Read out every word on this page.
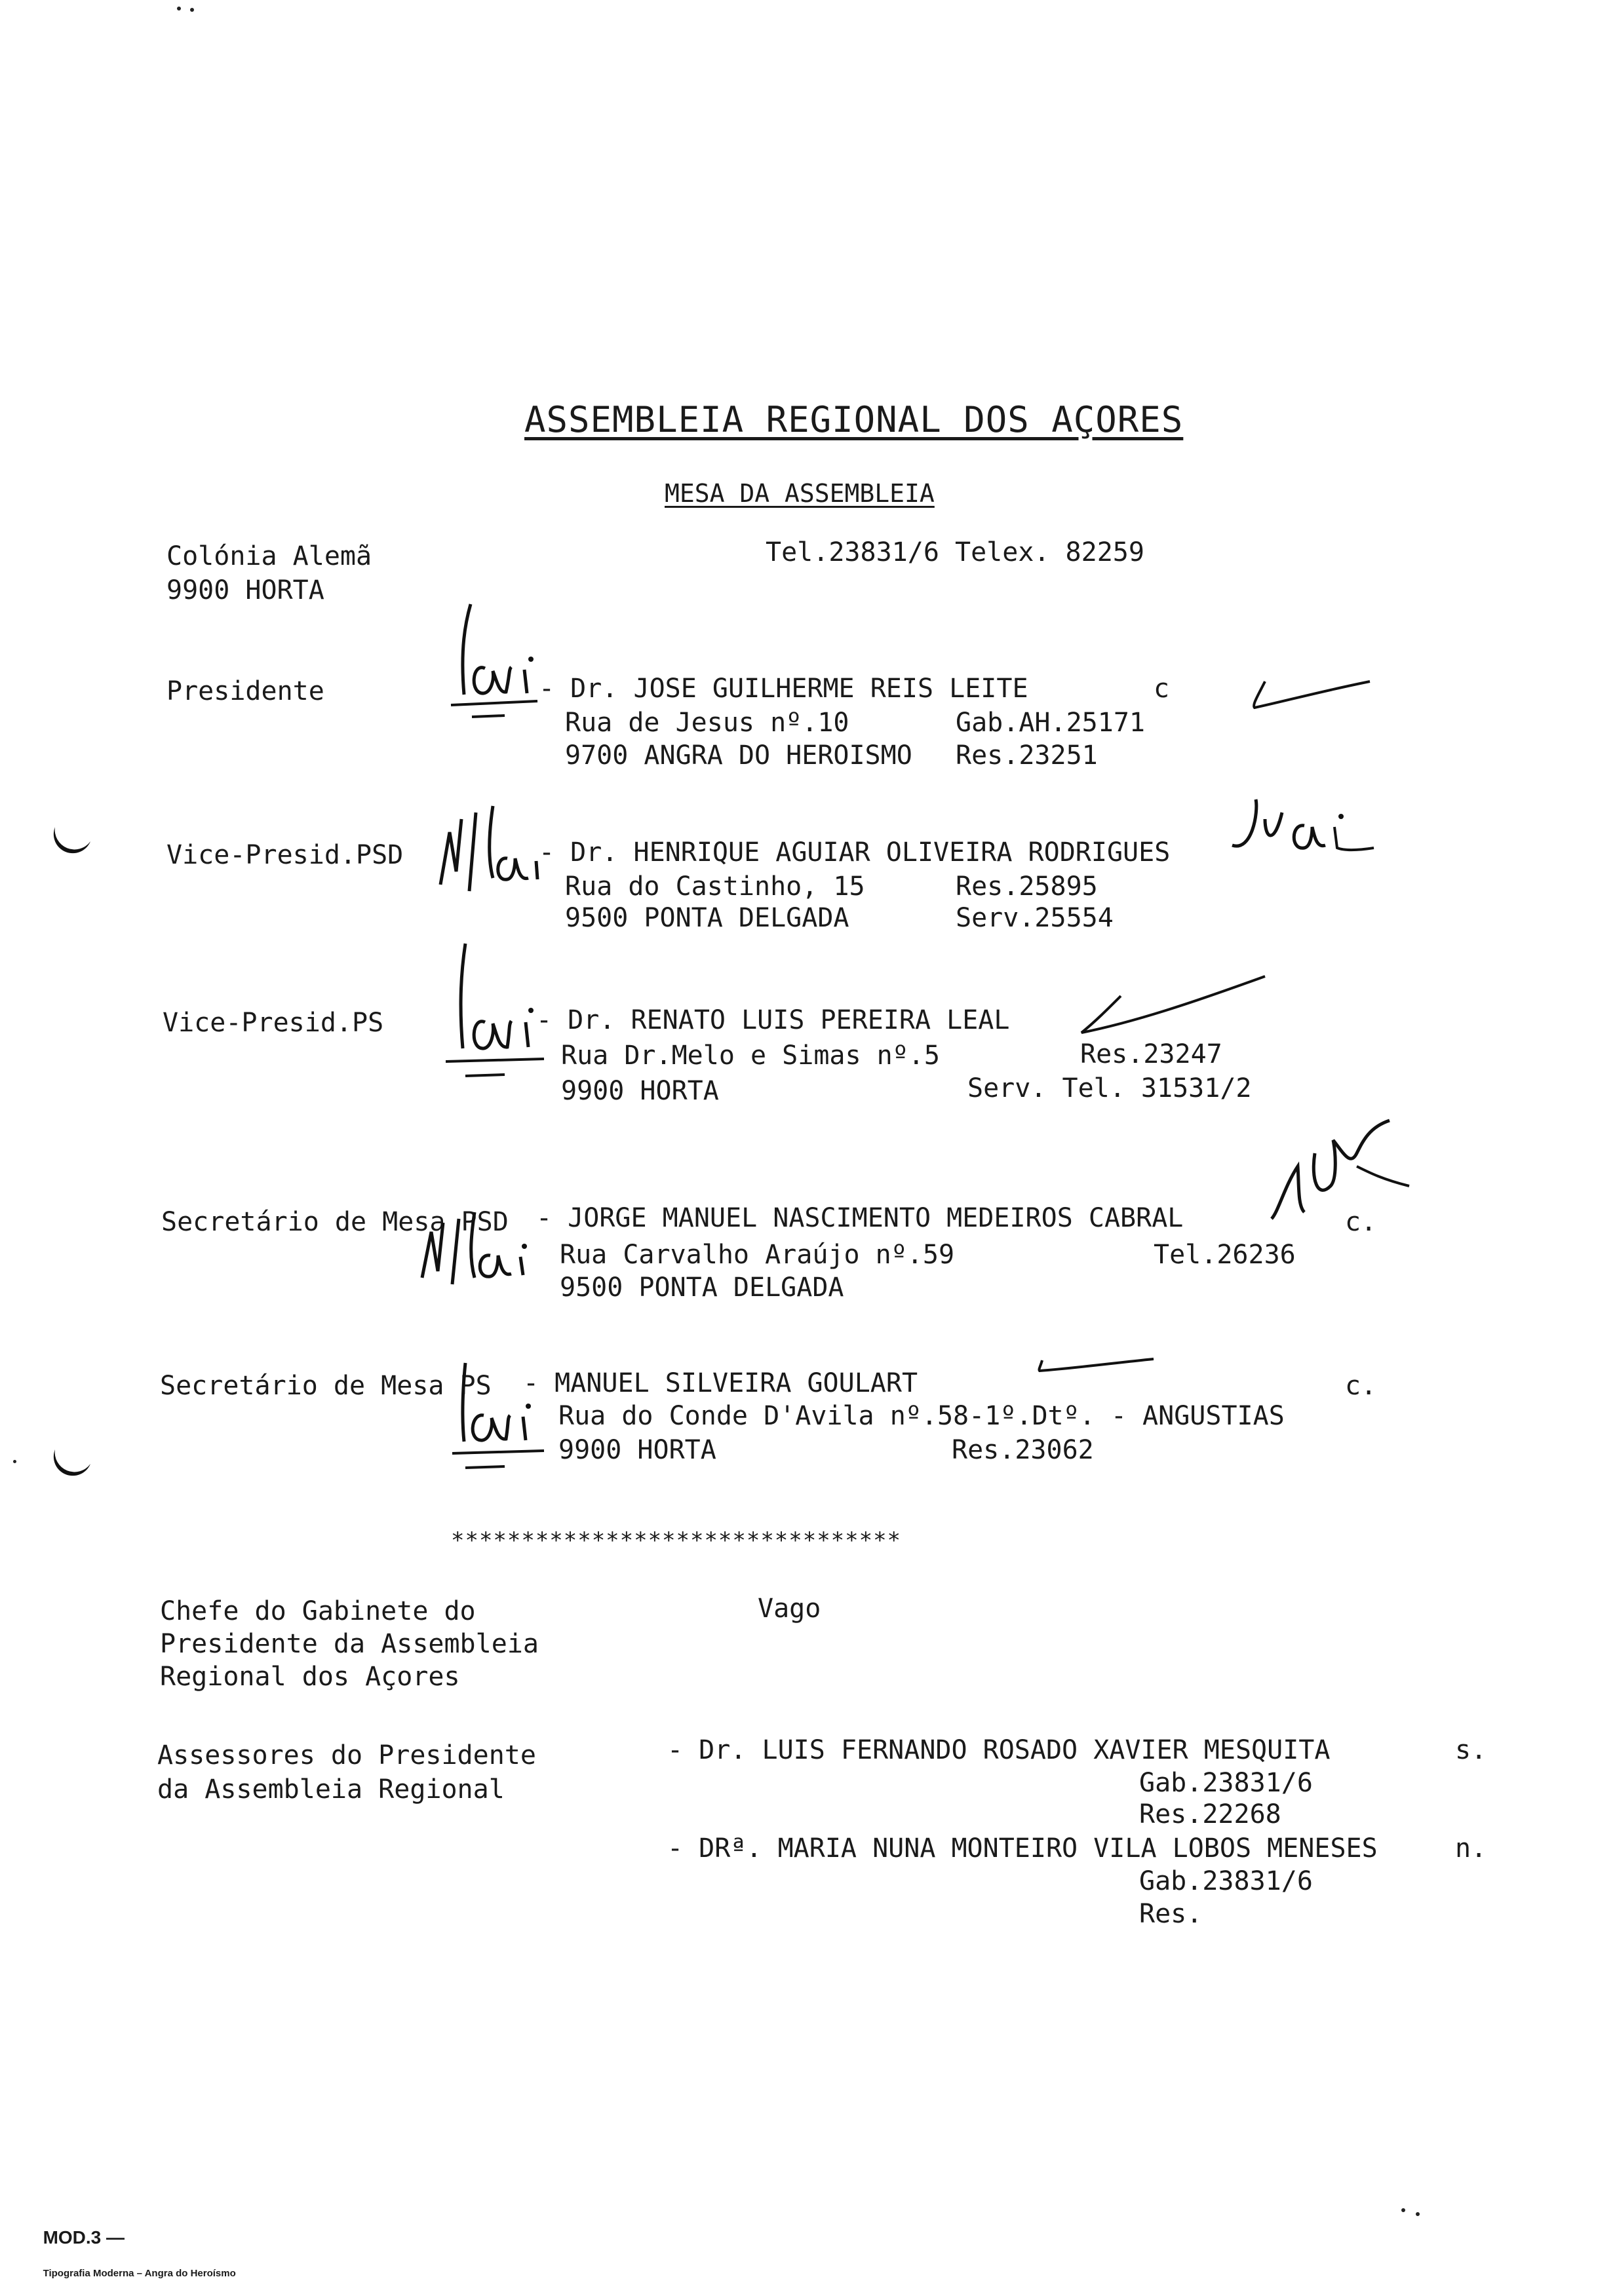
ASSEMBLEIA REGIONAL DOS AÇORES
MESA DA ASSEMBLEIA
Colónia Alemã
9900 HORTA
Tel.23831/6 Telex. 82259
Presidente	- Dr. JOSE GUILHERME REIS LEITE	c
Rua de Jesus nº.10	Gab.AH.25171
9700 ANGRA DO HEROISMO Res.23251
Vice-Presid.PSD	- Dr. HENRIQUE AGUIAR OLIVEIRA RODRIGUES
Rua do Castinho, 15	Res.25895
9500 PONTA DELGADA	Serv.25554
Vice-Presid.PS	- Dr. RENATO LUIS PEREIRA LEAL
Rua Dr.Melo e Simas nº.5	Res.23247
9900 HORTA	Serv. Tel. 31531/2
Secretário de Mesa PSD - JORGE MANUEL NASCIMENTO MEDEIROS CABRAL	c.
Rua Carvalho Araújo nº.59	Tel.26236
9500 PONTA DELGADA
Secretário de Mesa PS - MANUEL SILVEIRA GOULART	c.
Rua do Conde D'Avila nº.58-1º.Dtº. - ANGUSTIAS
9900 HORTA	Res.23062
********************************
Chefe do Gabinete do
Presidente da Assembleia
Regional dos Açores
Vago
Assessores do Presidente
da Assembleia Regional
- Dr. LUIS FERNANDO ROSADO XAVIER MESQUITA	s.
Gab.23831/6
Res.22268
- DRª. MARIA NUNA MONTEIRO VILA LOBOS MENESES	n.
Gab.23831/6
Res.

MOD.3 —
Tipografia Moderna – Angra do Heroísmo
